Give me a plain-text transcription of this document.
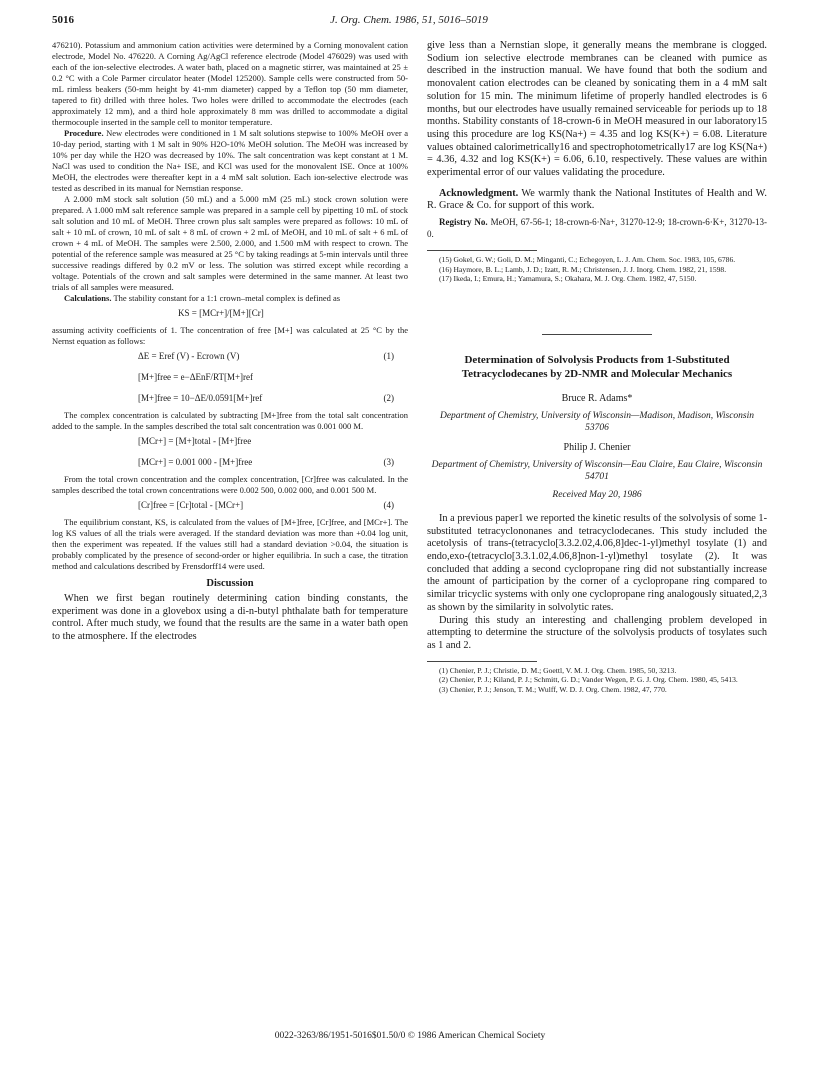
5016	J. Org. Chem. 1986, 51, 5016–5019

476210). Potassium and ammonium cation activities were determined by a Corning monovalent cation electrode, Model No. 476220. A Corning Ag/AgCl reference electrode (Model 476029) was used with each of the ion-selective electrodes. A water bath, placed on a magnetic stirrer, was maintained at 25 ± 0.2 °C with a Cole Parmer circulator heater (Model 125200). Sample cells were constructed from 50-mL rimless beakers (50-mm height by 41-mm diameter) capped by a Teflon top (50 mm diameter, tapered to fit) drilled with three holes. Two holes were drilled to accommodate the electrodes (each approximately 12 mm), and a third hole approximately 8 mm was drilled to accommodate a digital thermocouple inserted in the sample cell to monitor temperature.

Procedure. New electrodes were conditioned in 1 M salt solutions stepwise to 100% MeOH over a 10-day period, starting with 1 M salt in 90% H2O-10% MeOH solution. The MeOH was increased by 10% per day while the H2O was decreased by 10%. The salt concentration was kept constant at 1 M. NaCl was used to condition the Na+ ISE, and KCl was used for the monovalent ISE. Once at 100% MeOH, the electrodes were thereafter kept in a 4 mM salt solution. Each ion-selective electrode was tested as described in its manual for Nernstian response.

A 2.000 mM stock salt solution (50 mL) and a 5.000 mM (25 mL) stock crown solution were prepared. A 1.000 mM salt reference sample was prepared in a sample cell by pipetting 10 mL of stock salt solution and 10 mL of MeOH. Three crown plus salt samples were prepared as follows: 10 mL of salt + 10 mL of crown, 10 mL of salt + 8 mL of crown + 2 mL of MeOH, and 10 mL of salt + 6 mL of crown + 4 mL of MeOH. The samples were 2.500, 2.000, and 1.500 mM with respect to crown. The potential of the reference sample was measured at 25 °C by taking readings at 5-min intervals until three successive readings differed by 0.2 mV or less. The solution was stirred except while recording a voltage. Potentials of the crown and salt samples were determined in the same manner. At least two trials of all samples were measured.

Calculations. The stability constant for a 1:1 crown–metal complex is defined as

KS = [MCr+]/[M+][Cr]

assuming activity coefficients of 1. The concentration of free [M+] was calculated at 25 °C by the Nernst equation as follows:

ΔE = Eref (V) - Ecrown (V)	(1)
[M+]free = e−ΔEnF/RT[M+]ref
[M+]free = 10−ΔE/0.0591[M+]ref	(2)

The complex concentration is calculated by subtracting [M+]free from the total salt concentration added to the sample. In the samples described the total salt concentration was 0.001 000 M.

[MCr+] = [M+]total - [M+]free
[MCr+] = 0.001 000 - [M+]free	(3)

From the total crown concentration and the complex concentration, [Cr]free was calculated. In the samples described the total crown concentrations were 0.002 500, 0.002 000, and 0.001 500 M.

[Cr]free = [Cr]total - [MCr+]	(4)

The equilibrium constant, KS, is calculated from the values of [M+]free, [Cr]free, and [MCr+]. The log KS values of all the trials were averaged. If the standard deviation was more than +0.04 log unit, then the experiment was repeated. If the values still had a standard deviation >0.04, the situation is probably complicated by the presence of second-order or higher equilibria. In such a case, the titration method and calculations described by Frensdorff14 were used.

Discussion

When we first began routinely determining cation binding constants, the experiment was done in a glovebox using a di-n-butyl phthalate bath for temperature control. After much study, we found that the results are the same in a water bath open to the atmosphere. If the electrodes

give less than a Nernstian slope, it generally means the membrane is clogged. Sodium ion selective electrode membranes can be cleaned with pumice as described in the instruction manual. We have found that both the sodium and monovalent cation electrodes can be cleaned by sonicating them in a 4 mM salt solution for 15 min. The minimum lifetime of properly handled electrodes is 6 months, but our electrodes have usually remained serviceable for periods up to 18 months. Stability constants of 18-crown-6 in MeOH measured in our laboratory15 using this procedure are log KS(Na+) = 4.35 and log KS(K+) = 6.08. Literature values obtained calorimetrically16 and spectrophotometrically17 are log KS(Na+) = 4.36, 4.32 and log KS(K+) = 6.06, 6.10, respectively. These values are within experimental error of our values validating the procedure.

Acknowledgment. We warmly thank the National Institutes of Health and W. R. Grace & Co. for support of this work.

Registry No. MeOH, 67-56-1; 18-crown-6·Na+, 31270-12-9; 18-crown-6·K+, 31270-13-0.

(15) Gokel, G. W.; Goli, D. M.; Minganti, C.; Echegoyen, L. J. Am. Chem. Soc. 1983, 105, 6786.

(16) Haymore, B. L.; Lamb, J. D.; Izatt, R. M.; Christensen, J. J. Inorg. Chem. 1982, 21, 1598.

(17) Ikeda, I.; Emura, H.; Yamamura, S.; Okahara, M. J. Org. Chem. 1982, 47, 5150.

Determination of Solvolysis Products from 1-Substituted Tetracyclodecanes by 2D-NMR and Molecular Mechanics
Bruce R. Adams*
Department of Chemistry, University of Wisconsin—Madison, Madison, Wisconsin 53706
Philip J. Chenier
Department of Chemistry, University of Wisconsin—Eau Claire, Eau Claire, Wisconsin 54701
Received May 20, 1986

In a previous paper1 we reported the kinetic results of the solvolysis of some 1-substituted tetracyclononanes and tetracyclodecanes. This study included the acetolysis of trans-(tetracyclo[3.3.2.02,4.06,8]dec-1-yl)methyl tosylate (1) and endo,exo-(tetracyclo[3.3.1.02,4.06,8]non-1-yl)methyl tosylate (2). It was concluded that adding a second cyclopropane ring did not substantially increase the amount of participation by the corner of a cyclopropane ring compared to similar tricyclic systems with only one cyclopropane ring analogously situated,2,3 as shown by the similarity in solvolytic rates.

During this study an interesting and challenging problem developed in attempting to determine the structure of the solvolysis products of tosylates such as 1 and 2.

(1) Chenier, P. J.; Christie, D. M.; Goettl, V. M. J. Org. Chem. 1985, 50, 3213.

(2) Chenier, P. J.; Kiland, P. J.; Schmitt, G. D.; Vander Wegen, P. G. J. Org. Chem. 1980, 45, 5413.

(3) Chenier, P. J.; Jenson, T. M.; Wulff, W. D. J. Org. Chem. 1982, 47, 770.

0022-3263/86/1951-5016$01.50/0 © 1986 American Chemical Society
